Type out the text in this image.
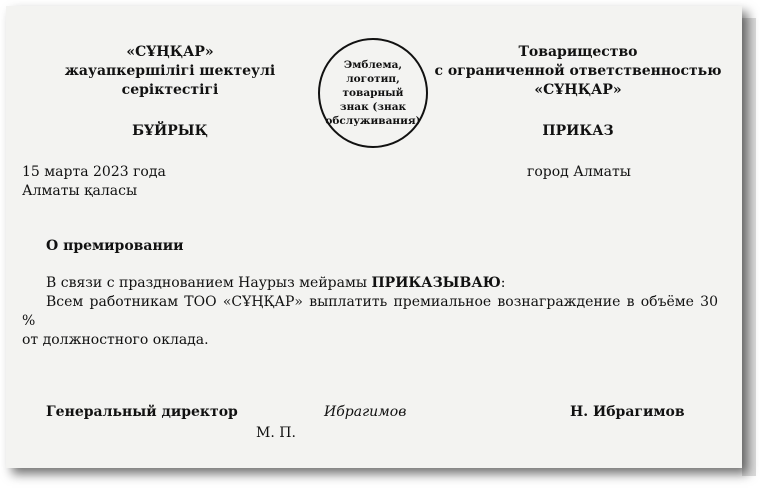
«СҰҢҚАР»
жауапкершілігі шектеулі
серіктестігі
Эмблема,
логотип,
товарный
знак (знак
обслуживания)
Товарищество
с ограниченной ответственностью
«СҰҢҚАР»
БҰЙРЫҚ	ПРИКАЗ
15 марта 2023 года	город Алматы
Алматы қаласы
О премировании
В связи с празднованием Наурыз мейрамы ПРИКАЗЫВАЮ:
Всем работникам ТОО «СҰҢҚАР» выплатить премиальное вознаграждение в объёме 30 %
от должностного оклада.
Генеральный директор	Ибрагимов	Н. Ибрагимов
М. П.
